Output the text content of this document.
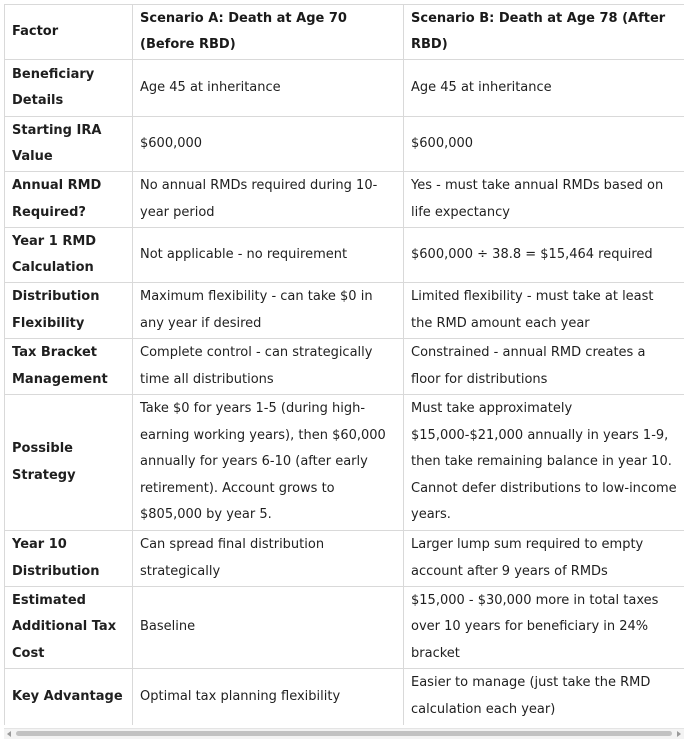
Factor	Scenario A: Death at Age 70 (Before RBD)	Scenario B: Death at Age 78 (After RBD)
Beneficiary Details	Age 45 at inheritance	Age 45 at inheritance
Starting IRA Value	$600,000	$600,000
Annual RMD Required?	No annual RMDs required during 10-year period	Yes - must take annual RMDs based on life expectancy
Year 1 RMD Calculation	Not applicable - no requirement	$600,000 ÷ 38.8 = $15,464 required
Distribution Flexibility	Maximum flexibility - can take $0 in any year if desired	Limited flexibility - must take at least the RMD amount each year
Tax Bracket Management	Complete control - can strategically time all distributions	Constrained - annual RMD creates a floor for distributions
Possible Strategy	Take $0 for years 1-5 (during high-earning working years), then $60,000 annually for years 6-10 (after early retirement). Account grows to $805,000 by year 5.	Must take approximately $15,000-$21,000 annually in years 1-9, then take remaining balance in year 10. Cannot defer distributions to low-income years.
Year 10 Distribution	Can spread final distribution strategically	Larger lump sum required to empty account after 9 years of RMDs
Estimated Additional Tax Cost	Baseline	$15,000 - $30,000 more in total taxes over 10 years for beneficiary in 24% bracket
Key Advantage	Optimal tax planning flexibility	Easier to manage (just take the RMD calculation each year)
